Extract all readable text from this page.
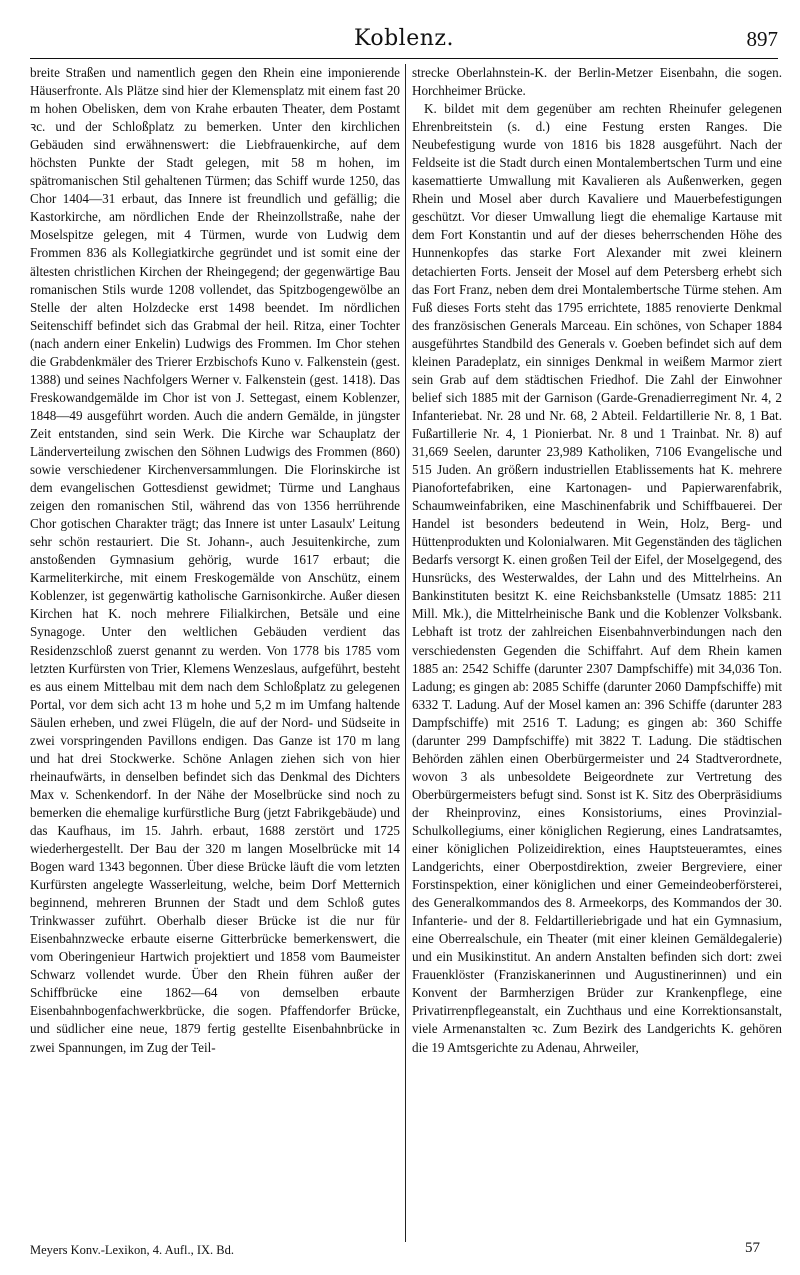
Koblenz.	897

breite Straßen und namentlich gegen den Rhein eine imponierende Häuserfronte. Als Plätze sind hier der Klemensplatz mit einem fast 20 m hohen Obelisken, dem von Krahe erbauten Theater, dem Postamt ꝛc. und der Schloßplatz zu bemerken. Unter den kirchlichen Gebäuden sind erwähnenswert: die Liebfrauenkirche, auf dem höchsten Punkte der Stadt gelegen, mit 58 m hohen, im spätromanischen Stil gehaltenen Türmen; das Schiff wurde 1250, das Chor 1404—31 erbaut, das Innere ist freundlich und gefällig; die Kastorkirche, am nördlichen Ende der Rheinzollstraße, nahe der Moselspitze gelegen, mit 4 Türmen, wurde von Ludwig dem Frommen 836 als Kollegiatkirche gegründet und ist somit eine der ältesten christlichen Kirchen der Rheingegend; der gegenwärtige Bau romanischen Stils wurde 1208 vollendet, das Spitzbogengewölbe an Stelle der alten Holzdecke erst 1498 beendet. Im nördlichen Seitenschiff befindet sich das Grabmal der heil. Ritza, einer Tochter (nach andern einer Enkelin) Ludwigs des Frommen. Im Chor stehen die Grabdenkmäler des Trierer Erzbischofs Kuno v. Falkenstein (gest. 1388) und seines Nachfolgers Werner v. Falkenstein (gest. 1418). Das Freskowandgemälde im Chor ist von J. Settegast, einem Koblenzer, 1848—49 ausgeführt worden. Auch die andern Gemälde, in jüngster Zeit entstanden, sind sein Werk. Die Kirche war Schauplatz der Länderverteilung zwischen den Söhnen Ludwigs des Frommen (860) sowie verschiedener Kirchenversammlungen. Die Florinskirche ist dem evangelischen Gottesdienst gewidmet; Türme und Langhaus zeigen den romanischen Stil, während das von 1356 herrührende Chor gotischen Charakter trägt; das Innere ist unter Lasaulx' Leitung sehr schön restauriert. Die St. Johann-, auch Jesuitenkirche, zum anstoßenden Gymnasium gehörig, wurde 1617 erbaut; die Karmeliterkirche, mit einem Freskogemälde von Anschütz, einem Koblenzer, ist gegenwärtig katholische Garnisonkirche. Außer diesen Kirchen hat K. noch mehrere Filialkirchen, Betsäle und eine Synagoge. Unter den weltlichen Gebäuden verdient das Residenzschloß zuerst genannt zu werden. Von 1778 bis 1785 vom letzten Kurfürsten von Trier, Klemens Wenzeslaus, aufgeführt, besteht es aus einem Mittelbau mit dem nach dem Schloßplatz zu gelegenen Portal, vor dem sich acht 13 m hohe und 5,2 m im Umfang haltende Säulen erheben, und zwei Flügeln, die auf der Nord- und Südseite in zwei vorspringenden Pavillons endigen. Das Ganze ist 170 m lang und hat drei Stockwerke. Schöne Anlagen ziehen sich von hier rheinaufwärts, in denselben befindet sich das Denkmal des Dichters Max v. Schenkendorf. In der Nähe der Moselbrücke sind noch zu bemerken die ehemalige kurfürstliche Burg (jetzt Fabrikgebäude) und das Kaufhaus, im 15. Jahrh. erbaut, 1688 zerstört und 1725 wiederhergestellt. Der Bau der 320 m langen Moselbrücke mit 14 Bogen ward 1343 begonnen. Über diese Brücke läuft die vom letzten Kurfürsten angelegte Wasserleitung, welche, beim Dorf Metternich beginnend, mehreren Brunnen der Stadt und dem Schloß gutes Trinkwasser zuführt. Oberhalb dieser Brücke ist die nur für Eisenbahnzwecke erbaute eiserne Gitterbrücke bemerkenswert, die vom Oberingenieur Hartwich projektiert und 1858 vom Baumeister Schwarz vollendet wurde. Über den Rhein führen außer der Schiffbrücke eine 1862—64 von demselben erbaute Eisenbahnbogenfachwerkbrücke, die sogen. Pfaffendorfer Brücke, und südlicher eine neue, 1879 fertig gestellte Eisenbahnbrücke in zwei Spannungen, im Zug der Teil-

strecke Oberlahnstein-K. der Berlin-Metzer Eisenbahn, die sogen. Horchheimer Brücke.

K. bildet mit dem gegenüber am rechten Rheinufer gelegenen Ehrenbreitstein (s. d.) eine Festung ersten Ranges. Die Neubefestigung wurde von 1816 bis 1828 ausgeführt. Nach der Feldseite ist die Stadt durch einen Montalembertschen Turm und eine kasemattierte Umwallung mit Kavalieren als Außenwerken, gegen Rhein und Mosel aber durch Kavaliere und Mauerbefestigungen geschützt. Vor dieser Umwallung liegt die ehemalige Kartause mit dem Fort Konstantin und auf der dieses beherrschenden Höhe des Hunnenkopfes das starke Fort Alexander mit zwei kleinern detachierten Forts. Jenseit der Mosel auf dem Petersberg erhebt sich das Fort Franz, neben dem drei Montalembertsche Türme stehen. Am Fuß dieses Forts steht das 1795 errichtete, 1885 renovierte Denkmal des französischen Generals Marceau. Ein schönes, von Schaper 1884 ausgeführtes Standbild des Generals v. Goeben befindet sich auf dem kleinen Paradeplatz, ein sinniges Denkmal in weißem Marmor ziert sein Grab auf dem städtischen Friedhof. Die Zahl der Einwohner belief sich 1885 mit der Garnison (Garde-Grenadierregiment Nr. 4, 2 Infanteriebat. Nr. 28 und Nr. 68, 2 Abteil. Feldartillerie Nr. 8, 1 Bat. Fußartillerie Nr. 4, 1 Pionierbat. Nr. 8 und 1 Trainbat. Nr. 8) auf 31,669 Seelen, darunter 23,989 Katholiken, 7106 Evangelische und 515 Juden. An größern industriellen Etablissements hat K. mehrere Pianofortefabriken, eine Kartonagen- und Papierwarenfabrik, Schaumweinfabriken, eine Maschinenfabrik und Schiffbauerei. Der Handel ist besonders bedeutend in Wein, Holz, Berg- und Hüttenprodukten und Kolonialwaren. Mit Gegenständen des täglichen Bedarfs versorgt K. einen großen Teil der Eifel, der Moselgegend, des Hunsrücks, des Westerwaldes, der Lahn und des Mittelrheins. An Bankinstituten besitzt K. eine Reichsbankstelle (Umsatz 1885: 211 Mill. Mk.), die Mittelrheinische Bank und die Koblenzer Volksbank. Lebhaft ist trotz der zahlreichen Eisenbahnverbindungen nach den verschiedensten Gegenden die Schiffahrt. Auf dem Rhein kamen 1885 an: 2542 Schiffe (darunter 2307 Dampfschiffe) mit 34,036 Ton. Ladung; es gingen ab: 2085 Schiffe (darunter 2060 Dampfschiffe) mit 6332 T. Ladung. Auf der Mosel kamen an: 396 Schiffe (darunter 283 Dampfschiffe) mit 2516 T. Ladung; es gingen ab: 360 Schiffe (darunter 299 Dampfschiffe) mit 3822 T. Ladung. Die städtischen Behörden zählen einen Oberbürgermeister und 24 Stadtverordnete, wovon 3 als unbesoldete Beigeordnete zur Vertretung des Oberbürgermeisters befugt sind. Sonst ist K. Sitz des Oberpräsidiums der Rheinprovinz, eines Konsistoriums, eines Provinzial-Schulkollegiums, einer königlichen Regierung, eines Landratsamtes, einer königlichen Polizeidirektion, eines Hauptsteueramtes, eines Landgerichts, einer Oberpostdirektion, zweier Bergreviere, einer Forstinspektion, einer königlichen und einer Gemeindeoberförsterei, des Generalkommandos des 8. Armeekorps, des Kommandos der 30. Infanterie- und der 8. Feldartilleriebrigade und hat ein Gymnasium, eine Oberrealschule, ein Theater (mit einer kleinen Gemäldegalerie) und ein Musikinstitut. An andern Anstalten befinden sich dort: zwei Frauenklöster (Franziskanerinnen und Augustinerinnen) und ein Konvent der Barmherzigen Brüder zur Krankenpflege, eine Privatirrenpflegeanstalt, ein Zuchthaus und eine Korrektionsanstalt, viele Armenanstalten ꝛc. Zum Bezirk des Landgerichts K. gehören die 19 Amtsgerichte zu Adenau, Ahrweiler,

Meyers Konv.-Lexikon, 4. Aufl., IX. Bd.	57
